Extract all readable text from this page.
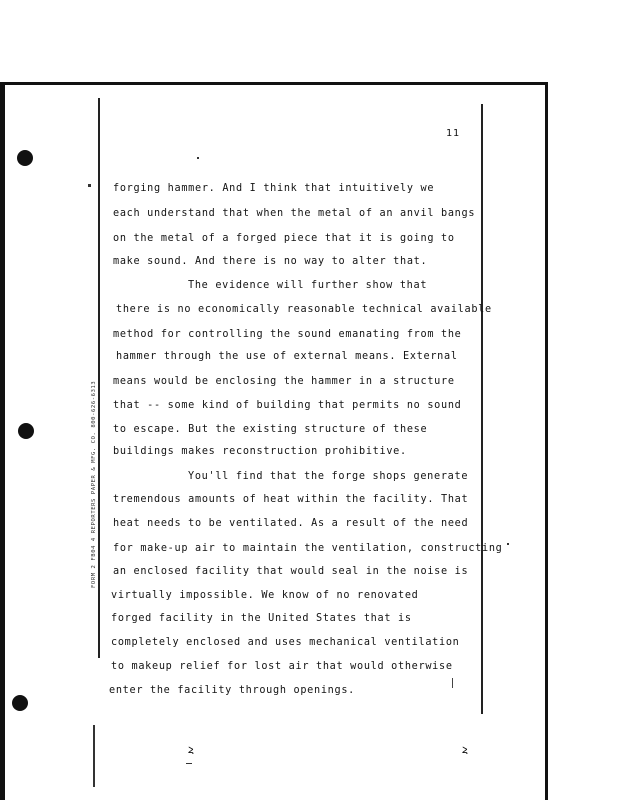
11
FORM 2 FB04 4 REPORTERS PAPER & MFG. CO. 800-626-6313
forging hammer. And I think that intuitively we
each understand that when the metal of an anvil bangs
on the metal of a forged piece that it is going to
make sound. And there is no way to alter that.
The evidence will further show that
there is no economically reasonable technical available
method for controlling the sound emanating from the
hammer through the use of external means. External
means would be enclosing the hammer in a structure
that -- some kind of building that permits no sound
to escape. But the existing structure of these
buildings makes reconstruction prohibitive.
You'll find that the forge shops generate
tremendous amounts of heat within the facility. That
heat needs to be ventilated. As a result of the need
for make-up air to maintain the ventilation, constructing
an enclosed facility that would seal in the noise is
virtually impossible. We know of no renovated
forged facility in the United States that is
completely enclosed and uses mechanical ventilation
to makeup relief for lost air that would otherwise
enter the facility through openings.
ⲹ	ⲹ
